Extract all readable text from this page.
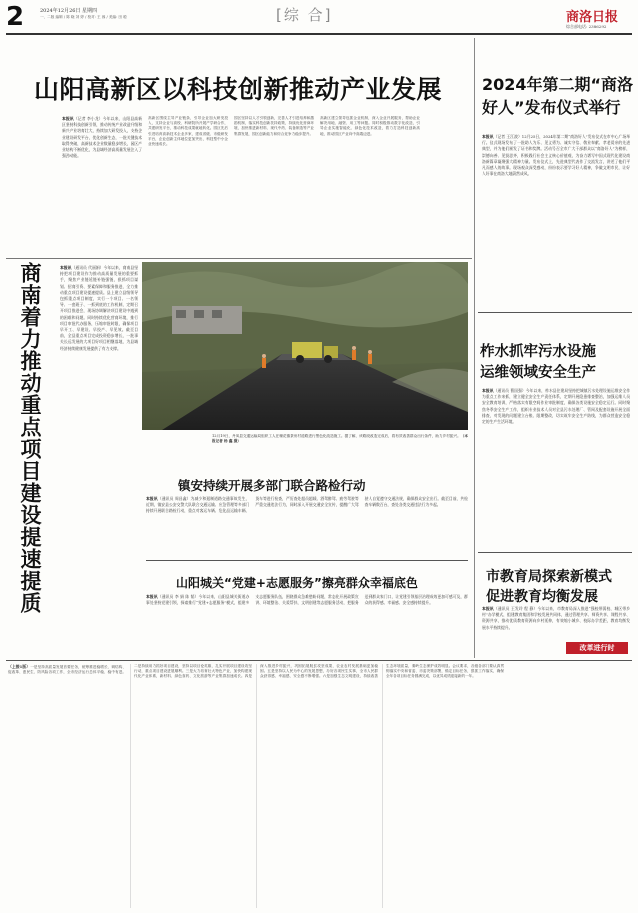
2	2024年12月26日 星期四
一、二版 编辑 / 陈 晓 刘 婷 / 校对: 王 蓉 / 美编: 田 聪	[综 合]	商洛日报
综合部电话: 2386292
山阳高新区以科技创新推动产业发展
本报讯（记者 李小龙）今年以来，山阳县高新区坚持科技创新引领，推动传统产业改造升级和新兴产业培育壮大，持续加大研发投入，支持企业建设研发平台，优化创新生态，一批关键技术取得突破，高新技术企业数量稳步增长，园区产业结构不断优化，为县域经济高质量发展注入了强劲动能。
高新区围绕主导产业链条，引导企业加大研发投入，支持企业与高校、科研院所开展产学研合作，共建研发平台，推动科技成果就地转化。园区先后引进培育高新技术企业多家，建成省级、市级研发平台，企业创新主体地位更加突出，科技型中小企业快速成长。
园区坚持以人才引领创新，完善人才引进培养和激励机制，落实科技创新扶持政策，持续优化营商环境，加快推进新材料、现代中药、装备制造等产业集群发展，园区创新能力和综合竞争力稳步提升。
高新区建立领导包抓企业机制，深入企业开展服务，帮助企业解决用地、融资、用工等问题。同时积极推动数字化改造，引导企业实施智能化、绿色化技术改造，着力打造科技创新高地，推动园区产业向中高端迈进。
2024年第二期“商洛
好人”发布仪式举行
本报讯（记者 王江波）12月25日，2024年第二期“商洛好人”发布仪式在市中心广场举行。仪式现场发布了一批助人为乐、见义勇为、诚实守信、敬业奉献、孝老爱亲的先进典型，并为他们颁发了证书和奖牌。活动号召全市广大干部群众以“商洛好人”为榜样，崇德向善、见贤思齐，积极践行社会主义核心价值观，为奋力谱写中国式现代化建设商洛新篇章凝聚强大精神力量。发布仪式上，先进典型代表作了交流发言，讲述了他们平凡而感人的故事。现场观众深受感动，纷纷表示要学习好人精神，争做文明市民，让好人好事在商洛大地蔚然成风。
商南着力推动重点项目建设提速提质	本报讯（通讯员 代丽娟）今年以来，商南县坚持把项目建设作为推动高质量发展的重要抓手，聚焦产业链延链补链强链，狠抓项目谋划、招商引资、要素保障和服务推进，全力推动重点项目建设提速提质。县上建立县级领导包抓重点项目制度，实行一个项目、一名领导、一套班子、一抓到底的工作机制，定期召开项目推进会，现场协调解决项目建设中遇到的困难和问题。同时持续优化营商环境，推行项目审批代办服务，压缩审批时限，确保项目早开工、早建设、早投产、早见效。截至目前，全县重点项目完成投资稳步增长，一批事关长远发展的大项目好项目相继落地，为县域经济持续健康发展提供了有力支撑。
12月19日，丹凤县交通运输局组织工人在棣花镇茶房村道路进行黑色化改造施工。据了解，该路段改造完成后，将有效改善群众出行条件，助力乡村振兴。（本报记者 杨 鑫 摄）
柞水抓牢污水设施
运维领域安全生产
本报讯（通讯员 曹国强）今年以来，柞水县住建局坚持把城镇污水处理设施运维安全作为重点工作来抓，建立健全安全生产责任体系，定期开展隐患排查整治，加强运维人员安全教育培训，严格落实有限空间作业审批制度，确保各类设施安全稳定运行。同时聚焦冬季安全生产工作，组织专业技术人员对全县污水处理厂、管网及配套设施开展全面排查，对发现的问题建立台账、限期整改，切实筑牢安全生产防线，为群众营造安全稳定的生产生活环境。
镇安持续开展多部门联合路检行动
本报讯（通讯员 周昌鑫）为减少和遏制道路交通事故发生，近期，镇安县公安交警大队联合交通运输、应急管理等多部门持续开展联合路检行动，重点对客运车辆、危化品运输车辆、货车等进行检查，严厉查处超员超载、酒驾醉驾、疲劳驾驶等严重交通违法行为，同时深入开展交通安全宣传，提醒广大驾驶人自觉遵守交通法规，确保群众安全出行。截至目前，共检查车辆数百台，查处各类交通违法行为多起。
山阳城关“党建+志愿服务”擦亮群众幸福底色
本报讯（通讯员 李 娟 陈 韬）今年以来，山阳县城关街道办事处坚持党建引领，探索推行“党建+志愿服务”模式，组建多支志愿服务队伍，围绕群众急难愁盼问题，常态化开展政策宣讲、环境整治、关爱帮扶、文明创建等志愿服务活动，把服务送到群众家门口，让党建引领基层治理成效更加可感可及，群众的获得感、幸福感、安全感持续提升。
市教育局探索新模式
促进教育均衡发展
本报讯（通讯员 王发玲 程 静）今年以来，市教育局深入推进“强校带弱校、城区带乡村”办学模式，组建教育集团和学校发展共同体，通过管理共享、师资共享、课程共享、资源共享，推动优质教育资源向乡村延伸，有效缩小城乡、校际办学差距，教育均衡发展水平持续提升。
改革进行时
（上接1版）一是坚持高质量发展首要任务，统筹推进稳增长、调结构、促改革、惠民生、防风险各项工作，全市经济运行总体平稳、稳中有进。二是持续用力抓好项目建设，坚持以项目论英雄，扎实开展项目建设攻坚行动，重点项目建设进展顺利。三是大力培育壮大特色产业，加快构建现代化产业体系，新材料、绿色食药、文化旅游等产业集群加速成长。四是深入推进乡村振兴，巩固拓展脱贫攻坚成果，农业农村发展基础更加稳固。五是坚持以人民为中心的发展思想，办好各项民生实事，全市人民群众获得感、幸福感、安全感不断增强。六是加强生态文明建设，持续改善生态环境质量，秦岭生态保护成效明显。会议要求，各级各部门要认真贯彻落实中央和省委、市委决策部署，锚定目标任务，狠抓工作落实，确保全年各项目标任务圆满完成，以优异成绩迎接新的一年。
